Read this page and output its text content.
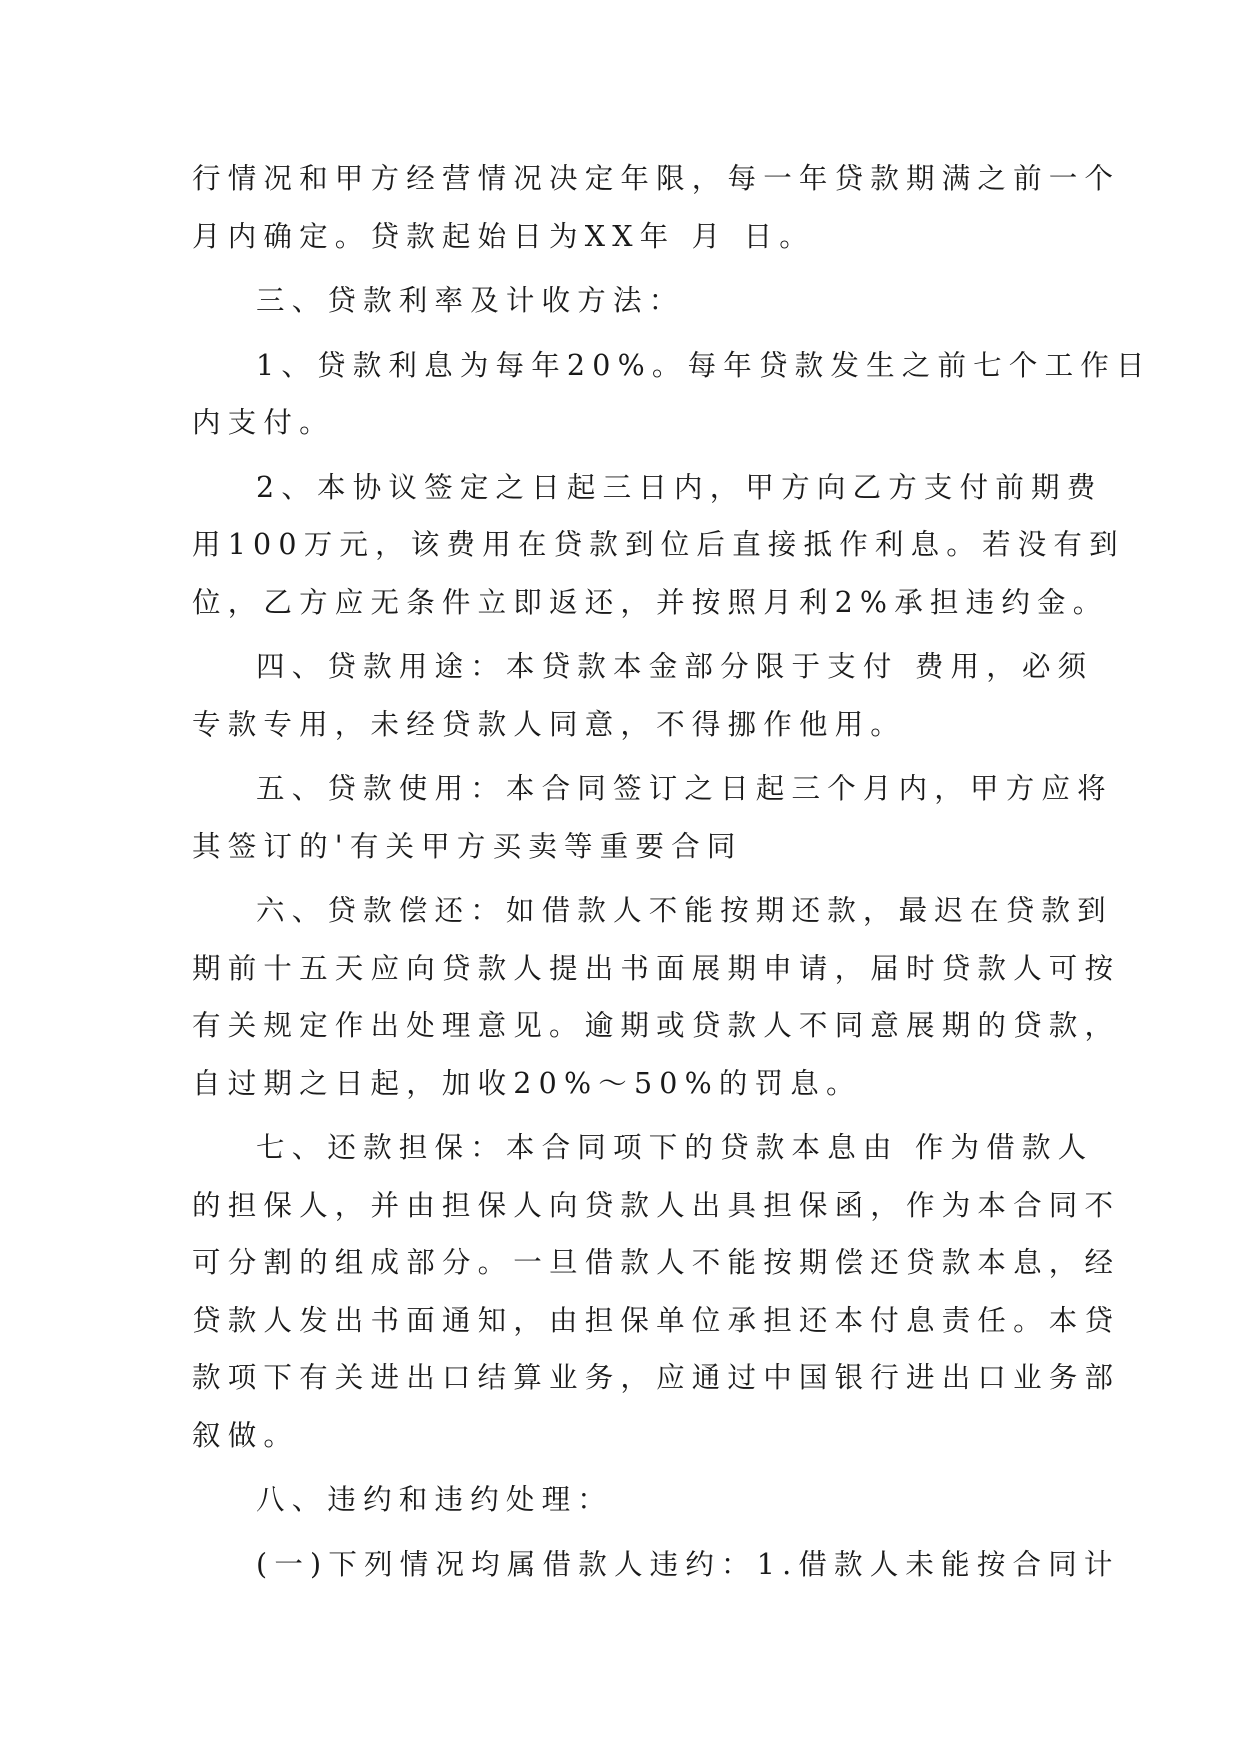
行情况和甲方经营情况决定年限，每一年贷款期满之前一个
月内确定。贷款起始日为XX年 月 日。
三、贷款利率及计收方法：
1、贷款利息为每年20%。每年贷款发生之前七个工作日
内支付。
2、本协议签定之日起三日内，甲方向乙方支付前期费
用100万元，该费用在贷款到位后直接抵作利息。若没有到
位，乙方应无条件立即返还，并按照月利2%承担违约金。
四、贷款用途：本贷款本金部分限于支付 费用，必须
专款专用，未经贷款人同意，不得挪作他用。
五、贷款使用：本合同签订之日起三个月内，甲方应将
其签订的'有关甲方买卖等重要合同
六、贷款偿还：如借款人不能按期还款，最迟在贷款到
期前十五天应向贷款人提出书面展期申请，届时贷款人可按
有关规定作出处理意见。逾期或贷款人不同意展期的贷款，
自过期之日起，加收20%～50%的罚息。
七、还款担保：本合同项下的贷款本息由 作为借款人
的担保人，并由担保人向贷款人出具担保函，作为本合同不
可分割的组成部分。一旦借款人不能按期偿还贷款本息，经
贷款人发出书面通知，由担保单位承担还本付息责任。本贷
款项下有关进出口结算业务，应通过中国银行进出口业务部
叙做。
八、违约和违约处理：
(一)下列情况均属借款人违约：1.借款人未能按合同计
